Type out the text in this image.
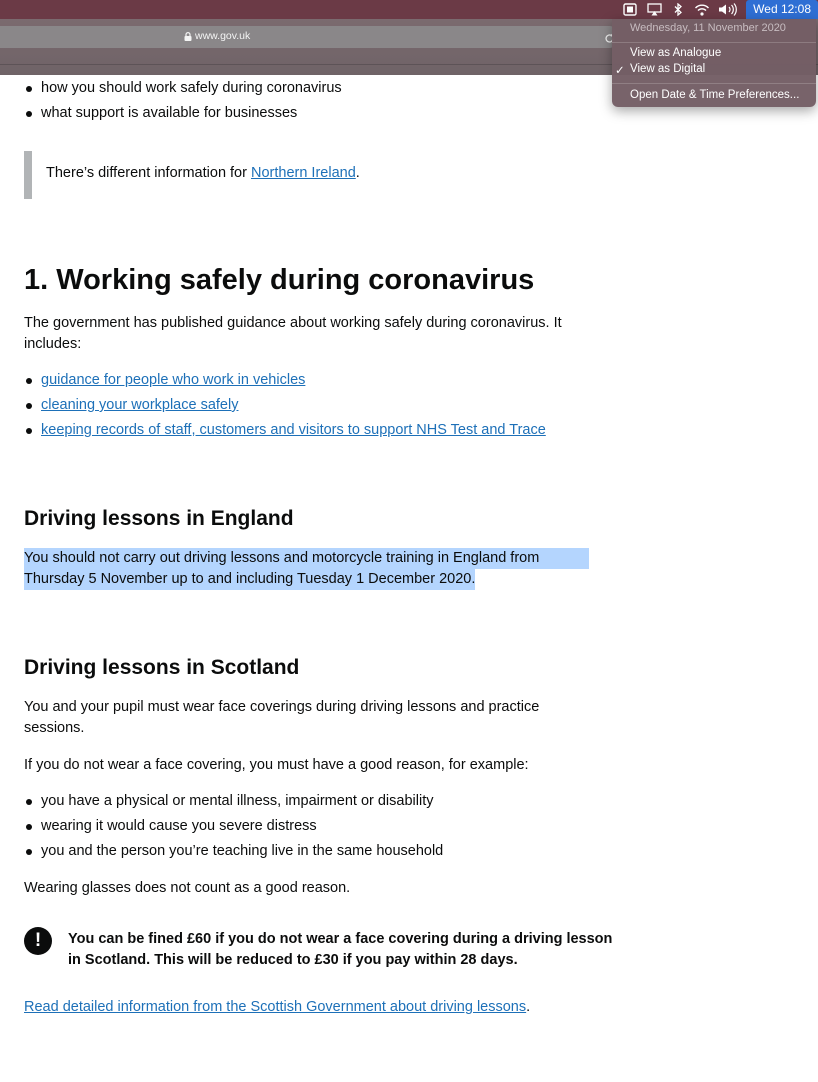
how you should work safely during coronavirus
what support is available for businesses
There’s different information for Northern Ireland.
1. Working safely during coronavirus
The government has published guidance about working safely during coronavirus. It
includes:
guidance for people who work in vehicles
cleaning your workplace safely
keeping records of staff, customers and visitors to support NHS Test and Trace
Driving lessons in England
You should not carry out driving lessons and motorcycle training in England from
Thursday 5 November up to and including Tuesday 1 December 2020.
Driving lessons in Scotland
You and your pupil must wear face coverings during driving lessons and practice
sessions.
If you do not wear a face covering, you must have a good reason, for example:
you have a physical or mental illness, impairment or disability
wearing it would cause you severe distress
you and the person you’re teaching live in the same household
Wearing glasses does not count as a good reason.
!	You can be fined £60 if you do not wear a face covering during a driving lesson
in Scotland. This will be reduced to £30 if you pay within 28 days.
Read detailed information from the Scottish Government about driving lessons.
www.gov.uk
Wed 12:08
Wednesday, 11 November 2020
View as Analogue
✓ View as Digital
Open Date & Time Preferences...
